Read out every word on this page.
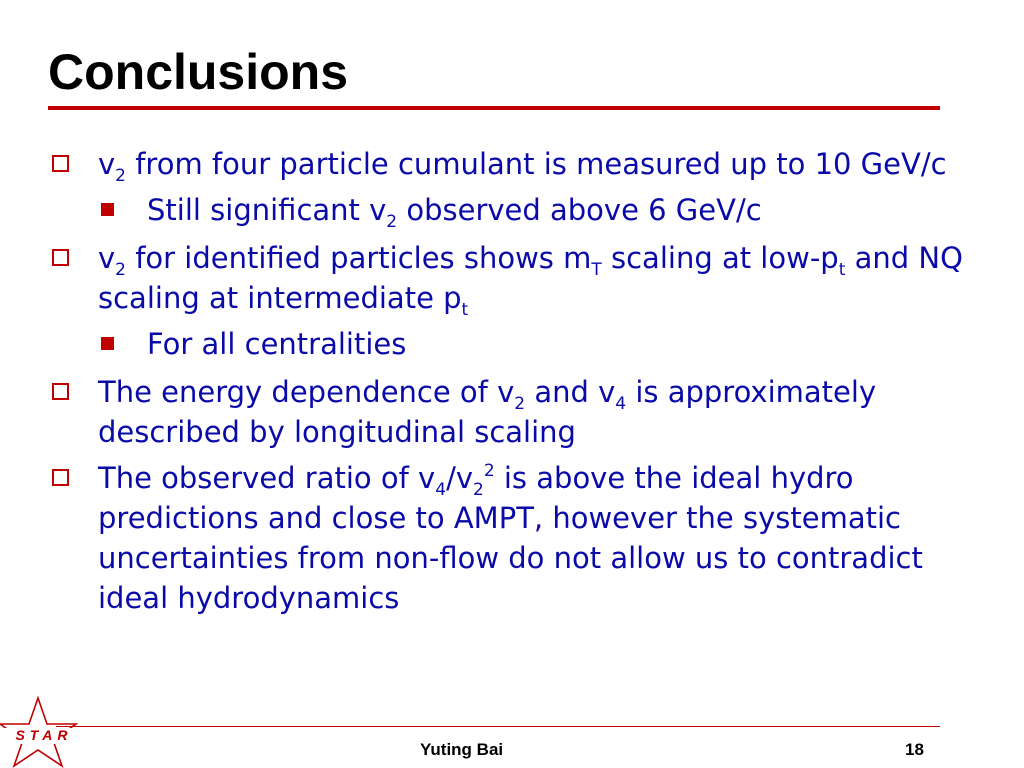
Conclusions
$v_2$ from four particle cumulant is measured up to 10 GeV/c
Still significant $v_2$ observed above 6 GeV/c
$v_2$ for identified particles shows $m_T$ scaling at low-$p_t$ and NQ scaling at intermediate $p_t$
For all centralities
The energy dependence of $v_2$ and $v_4$ is approximately described by longitudinal scaling
The observed ratio of $v_4/v_2^2$ is above the ideal hydro predictions and close to AMPT, however the systematic uncertainties from non-flow do not allow us to contradict ideal hydrodynamics
STAR
Yuting Bai	18
